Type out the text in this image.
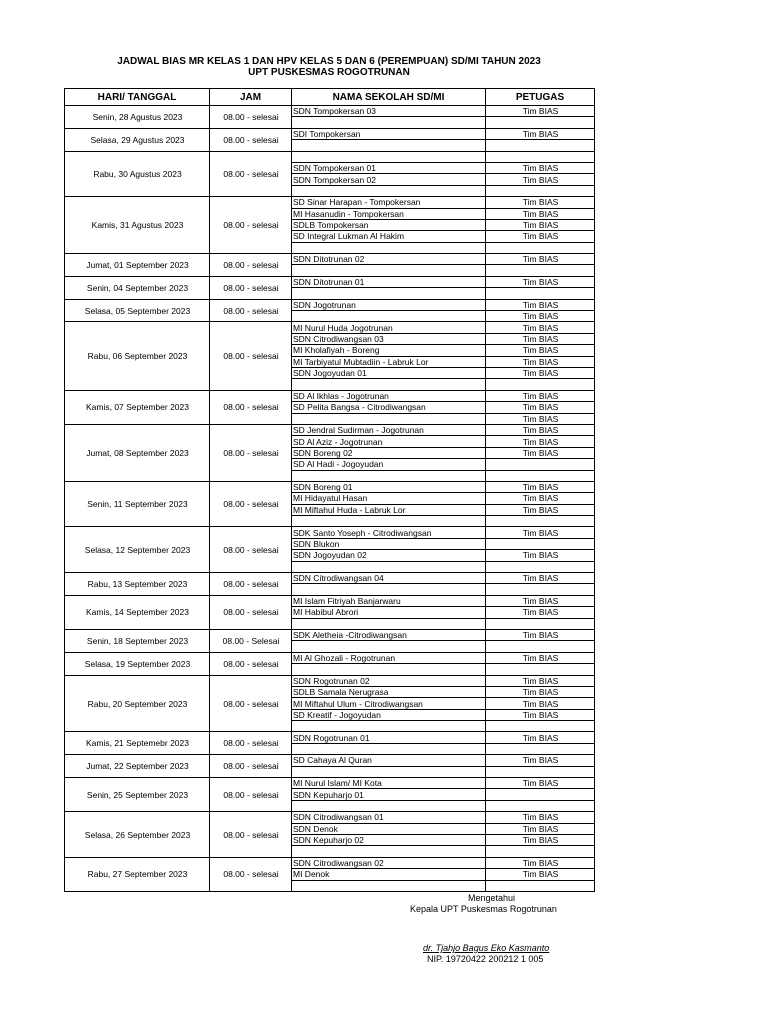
JADWAL BIAS MR KELAS 1 DAN HPV KELAS 5 DAN 6 (PEREMPUAN) SD/MI TAHUN 2023
UPT PUSKESMAS ROGOTRUNAN
HARI/ TANGGAL	JAM	NAMA SEKOLAH SD/MI	PETUGAS
Senin, 28 Agustus 2023	08.00 - selesai	SDN Tompokersan 03	Tim BIAS

Selasa, 29 Agustus 2023	08.00 - selesai	SDI Tompokersan	Tim BIAS

Rabu, 30 Agustus 2023	08.00 - selesai		
		SDN Tompokersan 01	Tim BIAS
		SDN Tompokersan 02	Tim BIAS

Kamis, 31 Agustus 2023	08.00 - selesai	SD Sinar Harapan - Tompokersan	Tim BIAS
		MI Hasanudin - Tompokersan	Tim BIAS
		SDLB Tompokersan	Tim BIAS
		SD Integral Lukman Al Hakim	Tim BIAS

Jumat, 01 September 2023	08.00 - selesai	SDN Ditotrunan 02	Tim BIAS

Senin, 04 September 2023	08.00 - selesai	SDN Ditotrunan 01	Tim BIAS

Selasa, 05 September 2023	08.00 - selesai	SDN Jogotrunan	Tim BIAS
			Tim BIAS
Rabu, 06 September 2023	08.00 - selesai	MI Nurul Huda Jogotrunan	Tim BIAS
		SDN Citrodiwangsan 03	Tim BIAS
		MI Kholafiyah - Boreng	Tim BIAS
		MI Tarbiyatul Mubtadiin - Labruk Lor	Tim BIAS
		SDN Jogoyudan 01	Tim BIAS

Kamis, 07 September 2023	08.00 - selesai	SD Al Ikhlas - Jogotrunan	Tim BIAS
		SD Pelita Bangsa - Citrodiwangsan	Tim BIAS
			Tim BIAS
Jumat, 08 September 2023	08.00 - selesai	SD Jendral Sudirman - Jogotrunan	Tim BIAS
		SD Al Aziz - Jogotrunan	Tim BIAS
		SDN Boreng 02	Tim BIAS
		SD Al Hadi - Jogoyudan	

Senin, 11 September 2023	08.00 - selesai	SDN Boreng 01	Tim BIAS
		MI Hidayatul Hasan	Tim BIAS
		MI Miftahul Huda - Labruk Lor	Tim BIAS

Selasa, 12 September 2023	08.00 - selesai	SDK Santo Yoseph - Citrodiwangsan	Tim BIAS
		SDN Blukon	
		SDN Jogoyudan 02	Tim BIAS

Rabu, 13 September 2023	08.00 - selesai	SDN Citrodiwangsan 04	Tim BIAS

Kamis, 14 September 2023	08.00 - selesai	MI Islam Fitriyah Banjarwaru	Tim BIAS
		MI Habibul Abrori	Tim BIAS

Senin, 18 September 2023	08.00 - Selesai	SDK Aletheia -Citrodiwangsan	Tim BIAS

Selasa, 19 September 2023	08.00 - selesai	MI Al Ghozali - Rogotrunan	Tim BIAS

Rabu, 20 September 2023	08.00 - selesai	SDN Rogotrunan 02	Tim BIAS
		SDLB Samala Nerugrasa	Tim BIAS
		MI Miftahul Ulum - Citrodiwangsan	Tim BIAS
		SD Kreatif - Jogoyudan	Tim BIAS

Kamis, 21 Septemebr 2023	08.00 - selesai	SDN Rogotrunan 01	Tim BIAS

Jumat, 22 September 2023	08.00 - selesai	SD Cahaya Al Quran	Tim BIAS

Senin, 25 September 2023	08.00 - selesai	MI Nurul Islam/ MI Kota	Tim BIAS
		SDN Kepuharjo 01	

Selasa, 26 September 2023	08.00 - selesai	SDN Citrodiwangsan 01	Tim BIAS
		SDN Denok	Tim BIAS
		SDN Kepuharjo 02	Tim BIAS

Rabu, 27 September 2023	08.00 - selesai	SDN Citrodiwangsan 02	Tim BIAS
		MI Denok	Tim BIAS

Mengetahui
Kepala UPT Puskesmas Rogotrunan
dr. Tjahjo Bagus Eko Kasmanto
NIP. 19720422 200212 1 005
